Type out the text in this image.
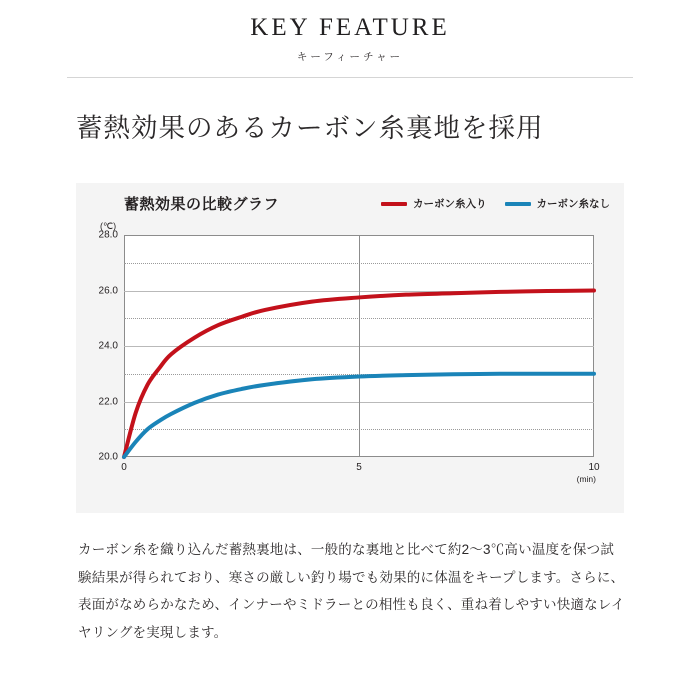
KEY FEATURE
キーフィーチャー
蓄熱効果のあるカーボン糸裏地を採用
蓄熱効果の比較グラフ	カーボン糸入り	カーボン糸なし
(℃)
28.0
26.0
24.0
22.0
20.0
0	5	10
(min)
カーボン糸を織り込んだ蓄熱裏地は、一般的な裏地と比べて約2〜3℃高い温度を保つ試験結果が得られており、寒さの厳しい釣り場でも効果的に体温をキープします。さらに、表面がなめらかなため、インナーやミドラーとの相性も良く、重ね着しやすい快適なレイヤリングを実現します。
